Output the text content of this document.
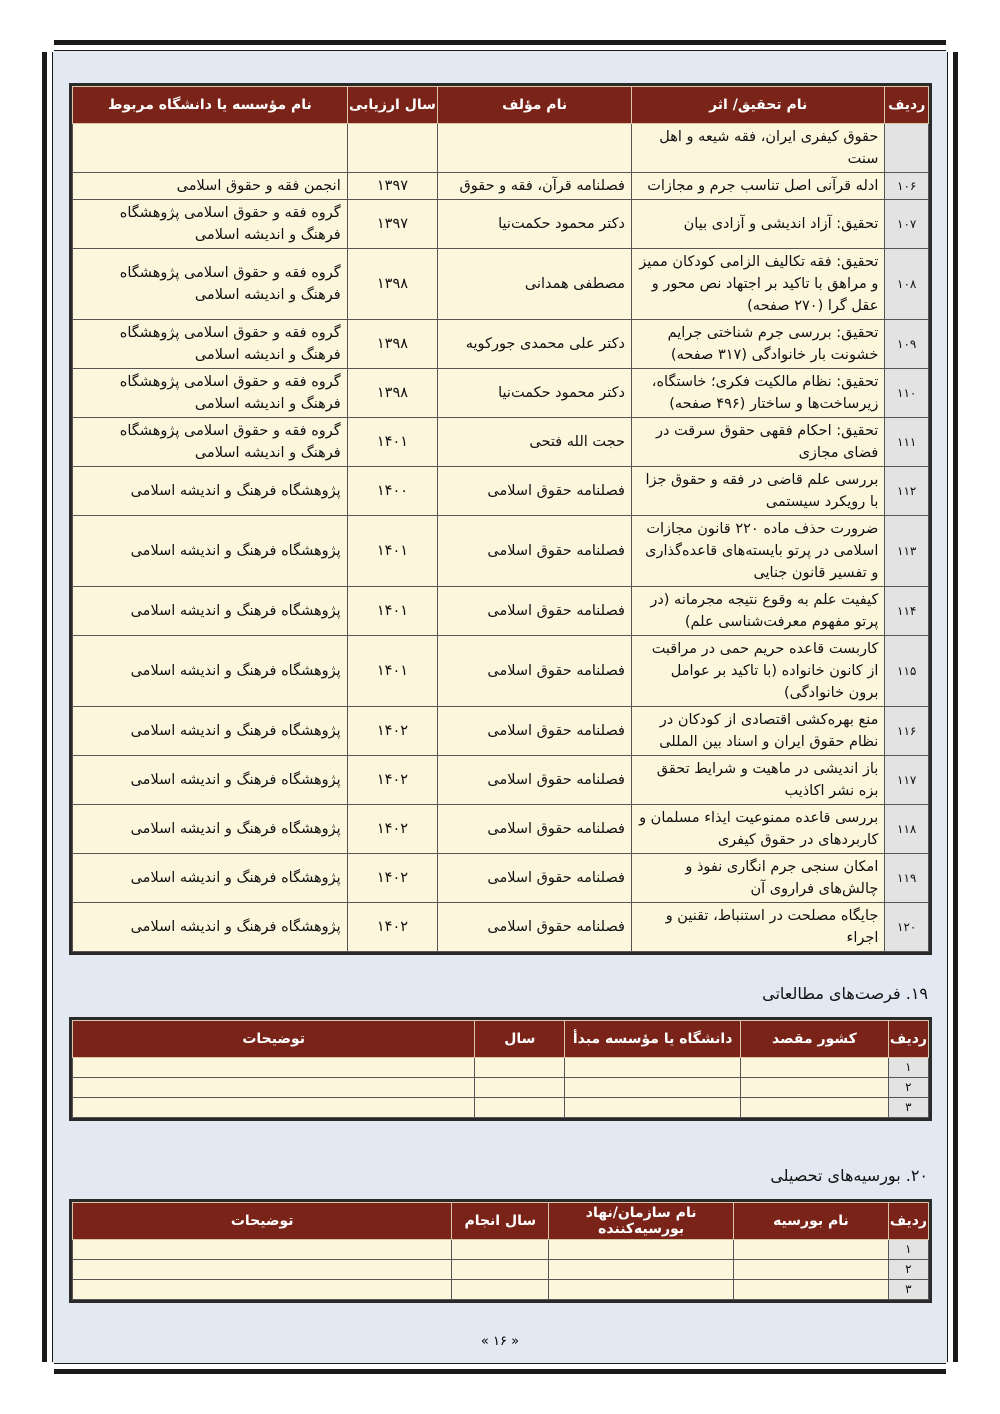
ردیف	نام تحقیق/ اثر	نام مؤلف	سال ارزیابی	نام مؤسسه یا دانشگاه مربوط
	حقوق کیفری ایران، فقه شیعه و اهل سنت			
۱۰۶	ادله قرآنی اصل تناسب جرم و مجازات	فصلنامه قرآن، فقه و حقوق	۱۳۹۷	انجمن فقه و حقوق اسلامی
۱۰۷	تحقیق: آزاد اندیشی و آزادی بیان	دکتر محمود حکمت‌نیا	۱۳۹۷	گروه فقه و حقوق اسلامی پژوهشگاه فرهنگ و اندیشه اسلامی
۱۰۸	تحقیق: فقه تکالیف الزامی کودکان ممیز و مراهق با تاکید بر اجتهاد نص محور و عقل گرا (۲۷۰ صفحه)	مصطفی همدانی	۱۳۹۸	گروه فقه و حقوق اسلامی پژوهشگاه فرهنگ و اندیشه اسلامی
۱۰۹	تحقیق: بررسی جرم شناختی جرایم خشونت بار خانوادگی (۳۱۷ صفحه)	دکتر علی محمدی جورکویه	۱۳۹۸	گروه فقه و حقوق اسلامی پژوهشگاه فرهنگ و اندیشه اسلامی
۱۱۰	تحقیق: نظام مالکیت فکری؛ خاستگاه، زیرساخت‌ها و ساختار (۴۹۶ صفحه)	دکتر محمود حکمت‌نیا	۱۳۹۸	گروه فقه و حقوق اسلامی پژوهشگاه فرهنگ و اندیشه اسلامی
۱۱۱	تحقیق: احکام فقهی حقوق سرقت در فضای مجازی	حجت الله فتحی	۱۴۰۱	گروه فقه و حقوق اسلامی پژوهشگاه فرهنگ و اندیشه اسلامی
۱۱۲	بررسی علم قاضی در فقه و حقوق جزا با رویکرد سیستمی	فصلنامه حقوق اسلامی	۱۴۰۰	پژوهشگاه فرهنگ و اندیشه اسلامی
۱۱۳	ضرورت حذف ماده ۲۲۰ قانون مجازات اسلامی در پرتو بایسته‌های قاعده‌گذاری و تفسیر قانون جنایی	فصلنامه حقوق اسلامی	۱۴۰۱	پژوهشگاه فرهنگ و اندیشه اسلامی
۱۱۴	کیفیت علم به وقوع نتیجه مجرمانه (در پرتو مفهوم معرفت‌شناسی علم)	فصلنامه حقوق اسلامی	۱۴۰۱	پژوهشگاه فرهنگ و اندیشه اسلامی
۱۱۵	کاربست قاعده حریم حمی در مراقبت از کانون خانواده (با تاکید بر عوامل برون خانوادگی)	فصلنامه حقوق اسلامی	۱۴۰۱	پژوهشگاه فرهنگ و اندیشه اسلامی
۱۱۶	منع بهره‌کشی اقتصادی از کودکان در نظام حقوق ایران و اسناد بین المللی	فصلنامه حقوق اسلامی	۱۴۰۲	پژوهشگاه فرهنگ و اندیشه اسلامی
۱۱۷	باز اندیشی در ماهیت و شرایط تحقق بزه نشر اکاذیب	فصلنامه حقوق اسلامی	۱۴۰۲	پژوهشگاه فرهنگ و اندیشه اسلامی
۱۱۸	بررسی قاعده ممنوعیت ایذاء مسلمان و کاربردهای در حقوق کیفری	فصلنامه حقوق اسلامی	۱۴۰۲	پژوهشگاه فرهنگ و اندیشه اسلامی
۱۱۹	امکان سنجی جرم انگاری نفوذ و چالش‌های فراروی آن	فصلنامه حقوق اسلامی	۱۴۰۲	پژوهشگاه فرهنگ و اندیشه اسلامی
۱۲۰	جایگاه مصلحت در استنباط، تقنین و اجراء	فصلنامه حقوق اسلامی	۱۴۰۲	پژوهشگاه فرهنگ و اندیشه اسلامی
۱۹. فرصت‌های مطالعاتی
ردیف	کشور مقصد	دانشگاه یا مؤسسه مبدأ	سال	توضیحات
۱				
۲				
۳				
۲۰. بورسیه‌های تحصیلی
ردیف	نام بورسیه	نام سازمان/نهاد بورسیه‌کننده	سال انجام	توضیحات
۱				
۲				
۳				
« ۱۶ »
